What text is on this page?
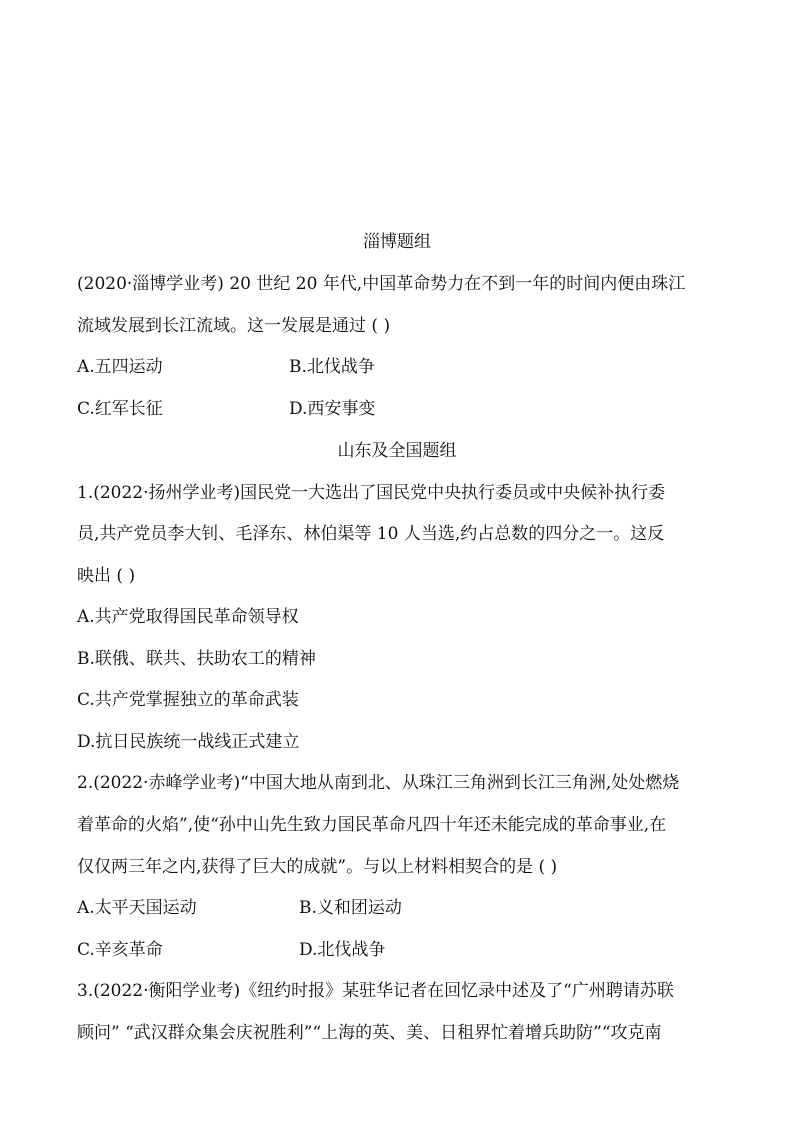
淄博题组
(2020·淄博学业考) 20 世纪 20 年代,中国革命势力在不到一年的时间内便由珠江
流域发展到长江流域。这一发展是通过 ( )
A.五四运动	B.北伐战争
C.红军长征	D.西安事变
山东及全国题组
1.(2022·扬州学业考)国民党一大选出了国民党中央执行委员或中央候补执行委
员,共产党员李大钊、毛泽东、林伯渠等 10 人当选,约占总数的四分之一。这反
映出 ( )
A.共产党取得国民革命领导权
B.联俄、联共、扶助农工的精神
C.共产党掌握独立的革命武装
D.抗日民族统一战线正式建立
2.(2022·赤峰学业考)“中国大地从南到北、从珠江三角洲到长江三角洲,处处燃烧
着革命的火焰”,使“孙中山先生致力国民革命凡四十年还未能完成的革命事业,在
仅仅两三年之内,获得了巨大的成就”。与以上材料相契合的是 ( )
A.太平天国运动	B.义和团运动
C.辛亥革命	D.北伐战争
3.(2022·衡阳学业考)《纽约时报》某驻华记者在回忆录中述及了“广州聘请苏联
顾问” “武汉群众集会庆祝胜利”“上海的英、美、日租界忙着增兵助防”“攻克南
